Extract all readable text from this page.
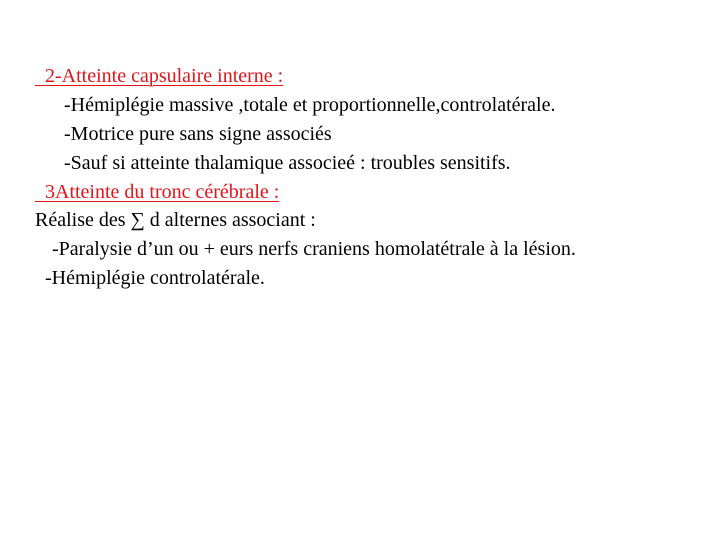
2-Atteinte capsulaire interne :
-Hémiplégie massive ,totale et proportionnelle,controlatérale.
-Motrice pure sans signe associés
-Sauf si atteinte thalamique associeé : troubles sensitifs.
3Atteinte du tronc cérébrale :
Réalise des ∑ d alternes associant :
-Paralysie d’un ou + eurs nerfs craniens homolatétrale à la lésion.
-Hémiplégie controlatérale.
